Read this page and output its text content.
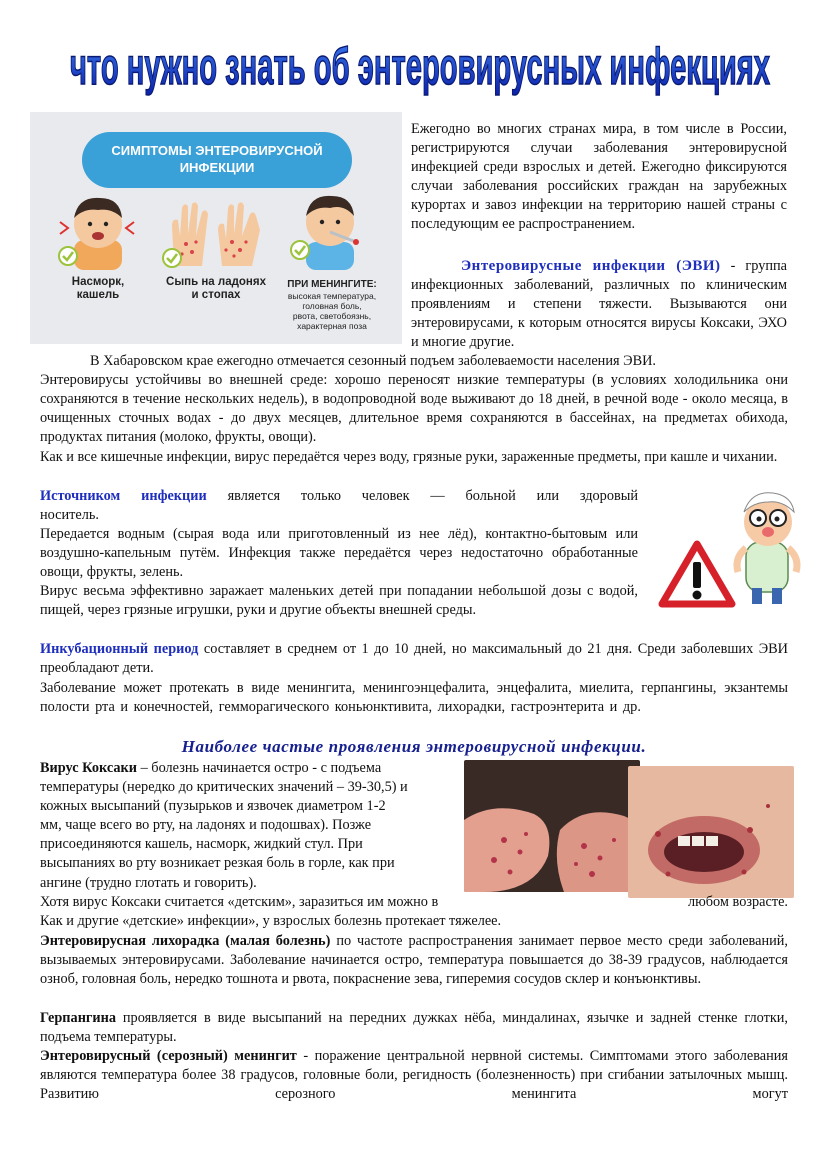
что нужно знать об энтеровирусных инфекциях
СИМПТОМЫ ЭНТЕРОВИРУСНОЙ
ИНФЕКЦИИ
Насморк,
кашель
Сыпь на ладонях
и стопах
ПРИ МЕНИНГИТЕ:
высокая температура,
головная боль,
рвота, светобоязнь,
характерная поза

Ежегодно во многих странах мира, в том числе в России, регистрируются случаи заболевания энтеровирусной инфекцией среди взрослых и детей. Ежегодно фиксируются случаи заболевания российских граждан на зарубежных курортах и завоз инфекции на территорию нашей страны с последующим ее распространением.

Энтеровирусные инфекции (ЭВИ) - группа инфекционных заболеваний, различных по клиническим проявлениям и степени тяжести. Вызываются они энтеровирусами, к которым относятся вирусы Коксаки, ЭХО и многие другие.

В Хабаровском крае ежегодно отмечается сезонный подъем заболеваемости населения ЭВИ.

Энтеровирусы устойчивы во внешней среде: хорошо переносят низкие температуры (в условиях холодильника они сохраняются в течение нескольких недель), в водопроводной воде выживают до 18 дней, в речной воде - около месяца, в очищенных сточных водах - до двух месяцев, длительное время сохраняются в бассейнах, на предметах обихода, продуктах питания (молоко, фрукты, овощи).

Как и все кишечные инфекции, вирус передаётся через воду, грязные руки, зараженные предметы, при кашле и чихании.

Источником инфекции является только человек — больной или здоровый

носитель.

Передается водным (сырая вода или приготовленный из нее лёд), контактно-бытовым или воздушно-капельным путём. Инфекция также передаётся через недостаточно обработанные овощи, фрукты, зелень.

Вирус весьма эффективно заражает маленьких детей при попадании небольшой дозы с водой, пищей, через грязные игрушки, руки и другие объекты внешней среды.

Инкубационный период составляет в среднем от 1 до 10 дней, но максимальный до 21 дня. Среди заболевших ЭВИ преобладают дети.

Заболевание может протекать в виде менингита, менингоэнцефалита, энцефалита, миелита, герпангины, экзантемы полости рта и конечностей, гемморагического коньюнктивита, лихорадки, гастроэнтерита и др.

Наиболее частые проявления энтеровирусной инфекции.
Вирус Коксаки – болезнь начинается остро - с подъема
температуры (нередко до критических значений – 39-30,5) и
кожных высыпаний (пузырьков и язвочек диаметром 1-2
мм, чаще всего во рту, на ладонях и подошвах). Позже
присоединяются кашель, насморк, жидкий стул. При
высыпаниях во рту возникает резкая боль в горле, как при
ангине (трудно глотать и говорить).

Хотя вирус Коксаки считается «детским», заразиться им можно в	любом возрасте.

Как и другие «детские» инфекции», у взрослых болезнь протекает тяжелее.

Энтеровирусная лихорадка (малая болезнь) по частоте распространения занимает первое место среди заболеваний, вызываемых энтеровирусами. Заболевание начинается остро, температура повышается до 38-39 градусов, наблюдается озноб, головная боль, нередко тошнота и рвота, покраснение зева, гиперемия сосудов склер и конъюнктивы.

Герпангина проявляется в виде высыпаний на передних дужках нёба, миндалинах, язычке и задней стенке глотки, подъема температуры.

Энтеровирусный (серозный) менингит - поражение центральной нервной системы. Симптомами этого заболевания являются температура более 38 градусов, головные боли, регидность (болезненность) при сгибании затылочных мышц. Развитию серозного менингита могут
